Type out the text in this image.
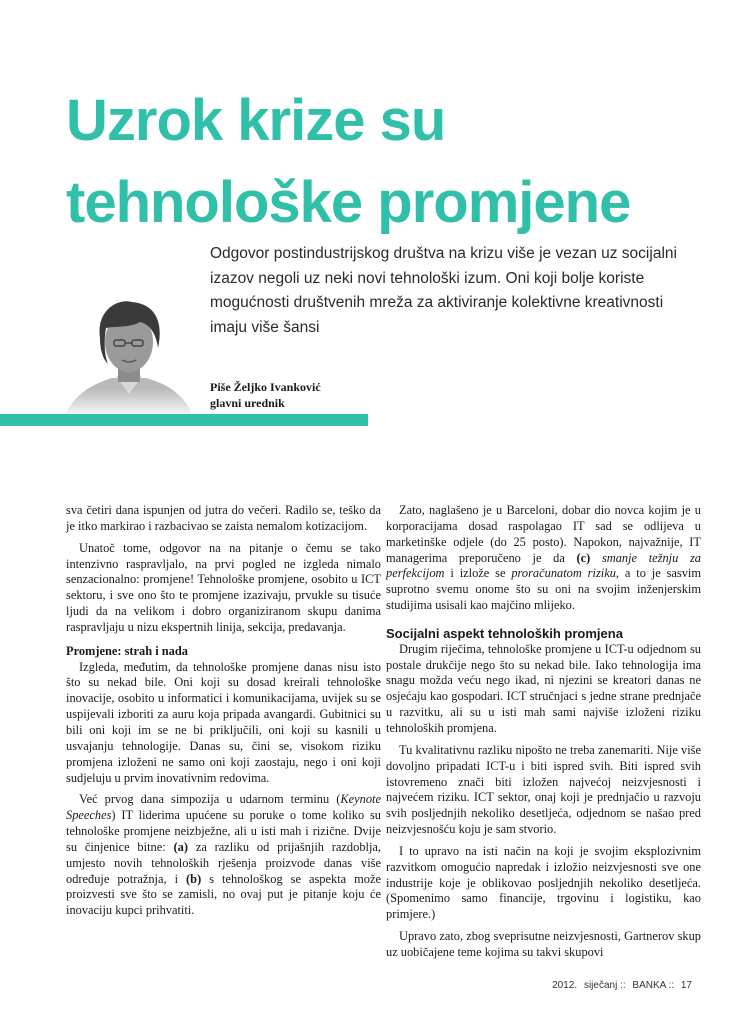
Uzrok krize su
tehnološke promjene

Odgovor postindustrijskog društva na krizu više je vezan uz socijalni izazov negoli uz neki novi tehnološki izum. Oni koji bolje koriste mogućnosti društvenih mreža za aktiviranje kolektivne kreativnosti imaju više šansi

Piše Željko Ivanković
glavni urednik

sva četiri dana ispunjen od jutra do večeri. Radilo se, teško da je itko markirao i razbacivao se zaista nemalom kotizacijom.

Unatoč tome, odgovor na na pitanje o čemu se tako intenzivno raspravljalo, na prvi pogled ne izgleda nimalo senzacionalno: promjene! Tehnološke promjene, osobito u ICT sektoru, i sve ono što te promjene izazivaju, prvukle su tisuće ljudi da na velikom i dobro organiziranom skupu danima raspravljaju u nizu ekspertnih linija, sekcija, predavanja.

Promjene: strah i nada

Izgleda, međutim, da tehnološke promjene danas nisu isto što su nekad bile. Oni koji su dosad kreirali tehnološke inovacije, osobito u informatici i komunikacijama, uvijek su se uspijevali izboriti za auru koja pripada avangardi. Gubitnici su bili oni koji im se ne bi priključili, oni koji su kasnili u usvajanju tehnologije. Danas su, čini se, visokom riziku promjena izloženi ne samo oni koji zaostaju, nego i oni koji sudjeluju u prvim inovativnim redovima.

Već prvog dana simpozija u udarnom terminu (Keynote Speeches) IT liderima upućene su poruke o tome koliko su tehnološke promjene neizbježne, ali u isti mah i rizične. Dvije su činjenice bitne: (a) za razliku od prijašnjih razdoblja, umjesto novih tehnoloških rješenja proizvode danas više određuje potražnja, i (b) s tehnološkog se aspekta može proizvesti sve što se zamisli, no ovaj put je pitanje koju će inovaciju kupci prihvatiti.

Zato, naglašeno je u Barceloni, dobar dio novca kojim je u korporacijama dosad raspolagao IT sad se odlijeva u marketinške odjele (do 25 posto). Napokon, najvažnije, IT managerima preporučeno je da (c) smanje težnju za perfekcijom i izlože se proračunatom riziku, a to je sasvim suprotno svemu onome što su oni na svojim inženjerskim studijima usisali kao majčino mlijeko.

Socijalni aspekt tehnoloških promjena

Drugim riječima, tehnološke promjene u ICT-u odjednom su postale drukčije nego što su nekad bile. Iako tehnologija ima snagu možda veću nego ikad, ni njezini se kreatori danas ne osjećaju kao gospodari. ICT stručnjaci s jedne strane prednjače u razvitku, ali su u isti mah sami najviše izloženi riziku tehnoloških promjena.

Tu kvalitativnu razliku nipošto ne treba zanemariti. Nije više dovoljno pripadati ICT-u i biti ispred svih. Biti ispred svih istovremeno znači biti izložen najvećoj neizvjesnosti i najvećem riziku. ICT sektor, onaj koji je prednjačio u razvoju svih posljednjih nekoliko desetljeća, odjednom se našao pred neizvjesnošću koju je sam stvorio.

I to upravo na isti način na koji je svojim eksplozivnim razvitkom omogućio napredak i izložio neizvjesnosti sve one industrije koje je oblikovao posljednjih nekoliko desetljeća. (Spomenimo samo financije, trgovinu i logistiku, kao primjere.)

Upravo zato, zbog sveprisutne neizvjesnosti, Gartnerov skup uz uobičajene teme kojima su takvi skupovi

2012. siječanj :: BANKA :: 17
